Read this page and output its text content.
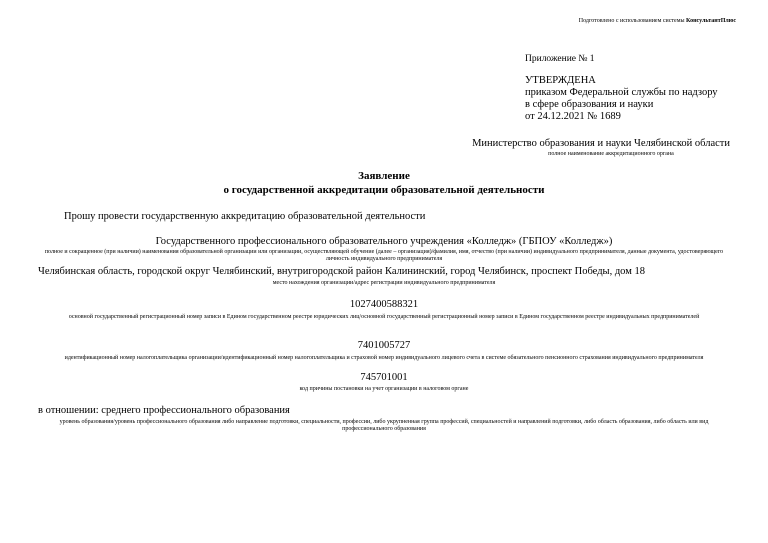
Подготовлено с использованием системы КонсультантПлюс
Приложение № 1
УТВЕРЖДЕНА
приказом Федеральной службы по надзору
в сфере образования и науки
от 24.12.2021 № 1689
Министерство образования и науки Челябинской области
полное наименование аккредитационного органа
Заявление
о государственной аккредитации образовательной деятельности
Прошу провести государственную аккредитацию образовательной деятельности
Государственного профессионального образовательного учреждения «Колледж» (ГБПОУ «Колледж»)
полное и сокращенное (при наличии) наименования образовательной организации или организации, осуществляющей обучение (далее – организация)/фамилия, имя, отчество (при наличии) индивидуального предпринимателя, данные документа, удостоверяющего личность индивидуального предпринимателя
Челябинская область, городской округ Челябинский, внутригородской район Калининский, город Челябинск, проспект Победы, дом 18
место нахождения организации/адрес регистрации индивидуального предпринимателя
1027400588321
основной государственный регистрационный номер записи в Едином государственном реестре юридических лиц/основной государственный регистрационный номер записи в Едином государственном реестре индивидуальных предпринимателей
7401005727
идентификационный номер налогоплательщика организации/идентификационный номер налогоплательщика и страховой номер индивидуального лицевого счета в системе обязательного пенсионного страхования индивидуального предпринимателя
745701001
код причины постановки на учет организации в налоговом органе
в отношении: среднего профессионального образования
уровень образования/уровень профессионального образования либо направление подготовки, специальности, профессии, либо укрупненная группа профессий, специальностей и направлений подготовки, либо область образования, либо область или вид профессионального образования
